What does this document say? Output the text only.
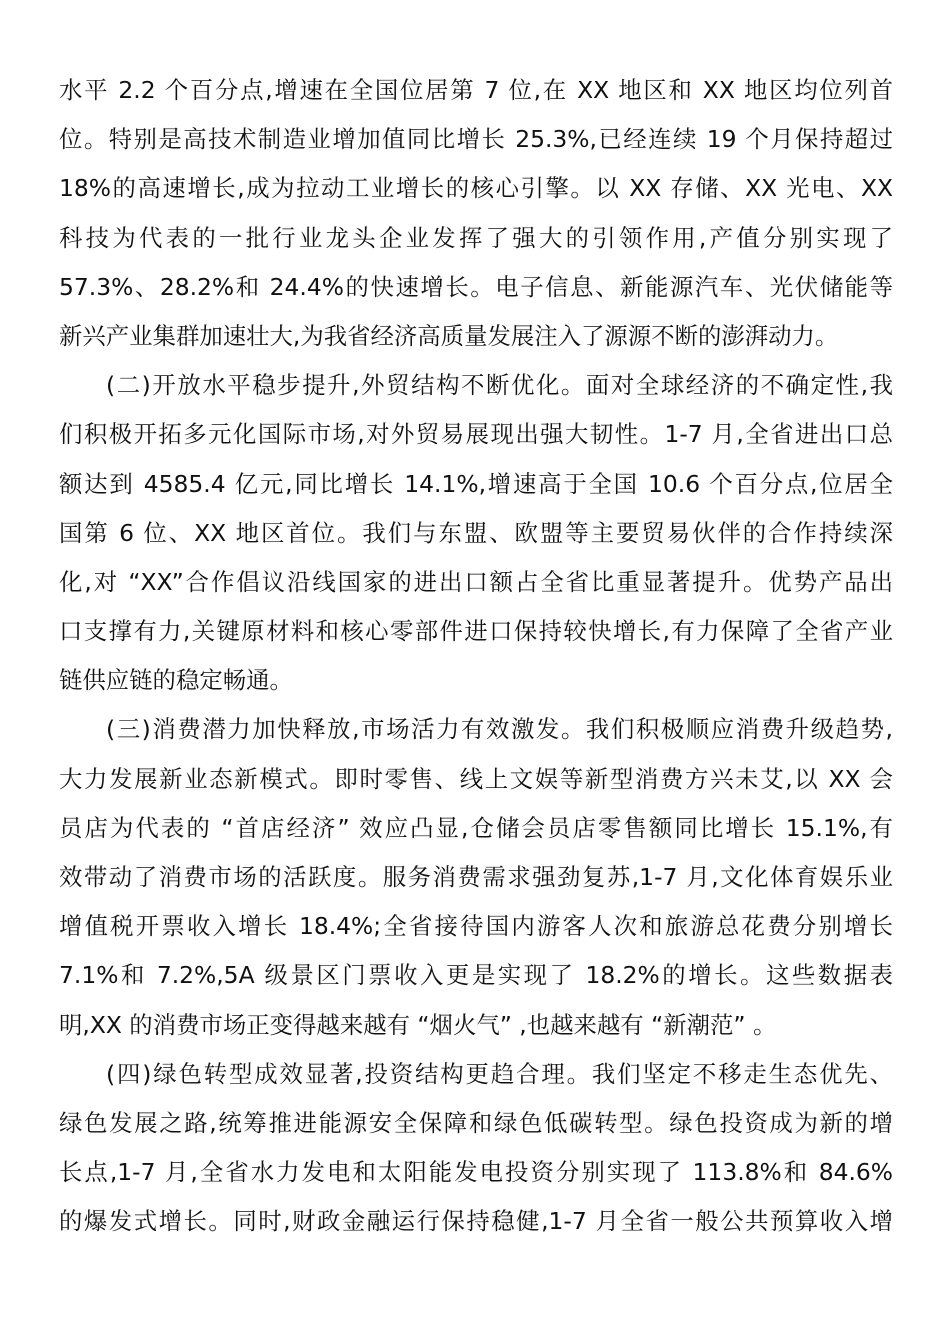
水平 2.2 个百分点,增速在全国位居第 7 位,在 XX 地区和 XX 地区均位列首
位。特别是高技术制造业增加值同比增长 25.3%,已经连续 19 个月保持超过
18%的高速增长,成为拉动工业增长的核心引擎。以 XX 存储、XX 光电、XX
科技为代表的一批行业龙头企业发挥了强大的引领作用,产值分别实现了
57.3%、28.2%和 24.4%的快速增长。电子信息、新能源汽车、光伏储能等
新兴产业集群加速壮大,为我省经济高质量发展注入了源源不断的澎湃动力。
(二)开放水平稳步提升,外贸结构不断优化。面对全球经济的不确定性,我
们积极开拓多元化国际市场,对外贸易展现出强大韧性。1-7 月,全省进出口总
额达到 4585.4 亿元,同比增长 14.1%,增速高于全国 10.6 个百分点,位居全
国第 6 位、XX 地区首位。我们与东盟、欧盟等主要贸易伙伴的合作持续深
化,对 “XX”合作倡议沿线国家的进出口额占全省比重显著提升。优势产品出
口支撑有力,关键原材料和核心零部件进口保持较快增长,有力保障了全省产业
链供应链的稳定畅通。
(三)消费潜力加快释放,市场活力有效激发。我们积极顺应消费升级趋势,
大力发展新业态新模式。即时零售、线上文娱等新型消费方兴未艾,以 XX 会
员店为代表的 “首店经济” 效应凸显,仓储会员店零售额同比增长 15.1%,有
效带动了消费市场的活跃度。服务消费需求强劲复苏,1-7 月,文化体育娱乐业
增值税开票收入增长 18.4%;全省接待国内游客人次和旅游总花费分别增长
7.1%和 7.2%,5A 级景区门票收入更是实现了 18.2%的增长。这些数据表
明,XX 的消费市场正变得越来越有 “烟火气” ,也越来越有 “新潮范” 。
(四)绿色转型成效显著,投资结构更趋合理。我们坚定不移走生态优先、
绿色发展之路,统筹推进能源安全保障和绿色低碳转型。绿色投资成为新的增
长点,1-7 月,全省水力发电和太阳能发电投资分别实现了 113.8%和 84.6%
的爆发式增长。同时,财政金融运行保持稳健,1-7 月全省一般公共预算收入增
